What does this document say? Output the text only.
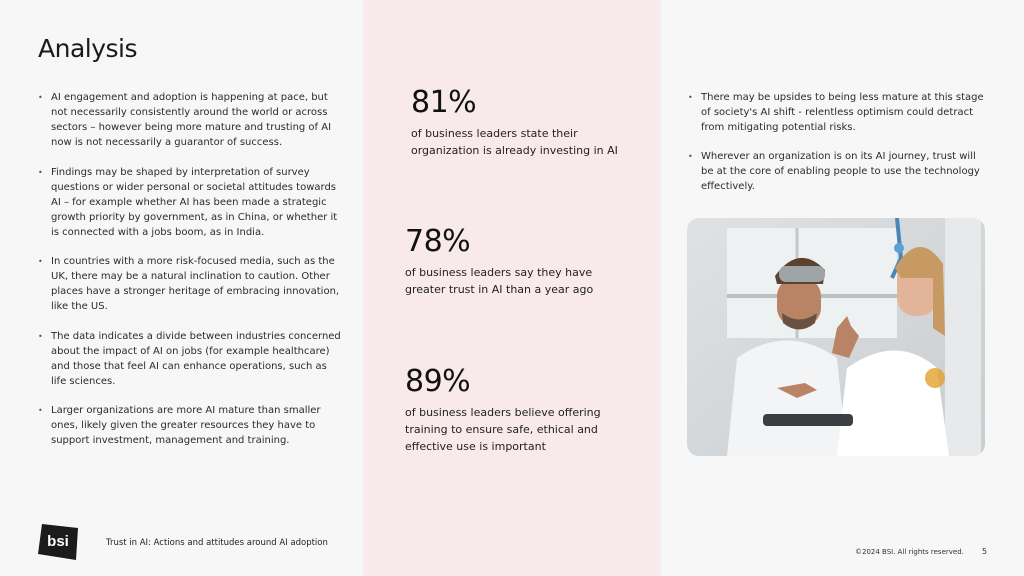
Analysis
• AI engagement and adoption is happening at pace, but not necessarily consistently around the world or across sectors – however being more mature and trusting of AI now is not necessarily a guarantor of success.
• Findings may be shaped by interpretation of survey questions or wider personal or societal attitudes towards AI – for example whether AI has been made a strategic growth priority by government, as in China, or whether it is connected with a jobs boom, as in India.
• In countries with a more risk-focused media, such as the UK, there may be a natural inclination to caution. Other places have a stronger heritage of embracing innovation, like the US.
• The data indicates a divide between industries concerned about the impact of AI on jobs (for example healthcare) and those that feel AI can enhance operations, such as life sciences.
• Larger organizations are more AI mature than smaller ones, likely given the greater resources they have to support investment, management and training.
81%
of business leaders state their organization is already investing in AI
78%
of business leaders say they have greater trust in AI than a year ago
89%
of business leaders believe offering training to ensure safe, ethical and effective use is important
• There may be upsides to being less mature at this stage of society's AI shift - relentless optimism could detract from mitigating potential risks.
• Wherever an organization is on its AI journey, trust will be at the core of enabling people to use the technology effectively.
bsi	Trust in AI: Actions and attitudes around AI adoption
©2024 BSI. All rights reserved. 5
